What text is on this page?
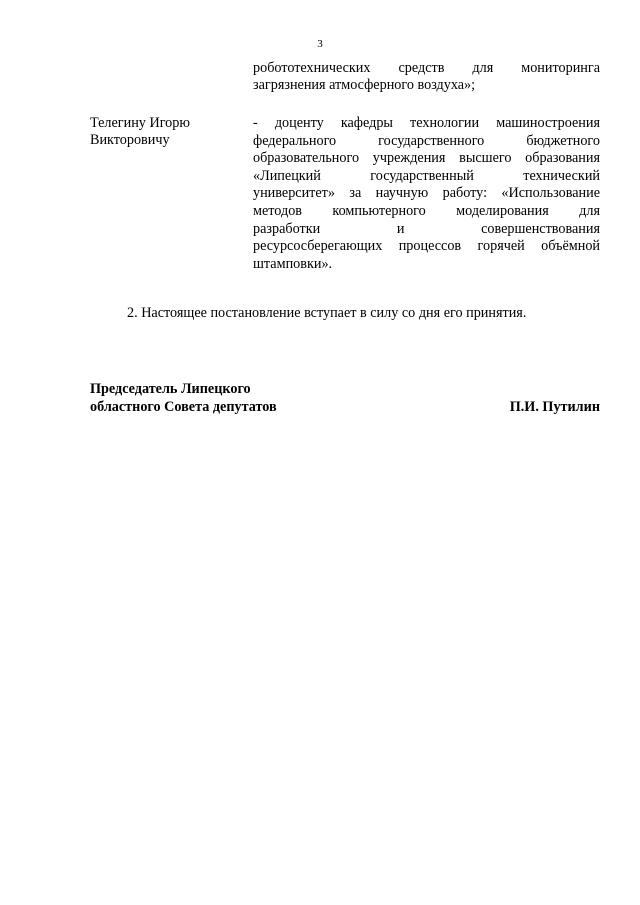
3
робототехнических средств для мониторинга
загрязнения атмосферного воздуха»;
Телегину Игорю
Викторовичу
- доценту кафедры технологии машиностроения
федерального государственного бюджетного
образовательного учреждения высшего образования
«Липецкий государственный технический
университет» за научную работу: «Использование
методов компьютерного моделирования для
разработки и совершенствования
ресурсосберегающих процессов горячей объёмной
штамповки».
2. Настоящее постановление вступает в силу со дня его принятия.
Председатель Липецкого
областного Совета депутатов	П.И. Путилин
